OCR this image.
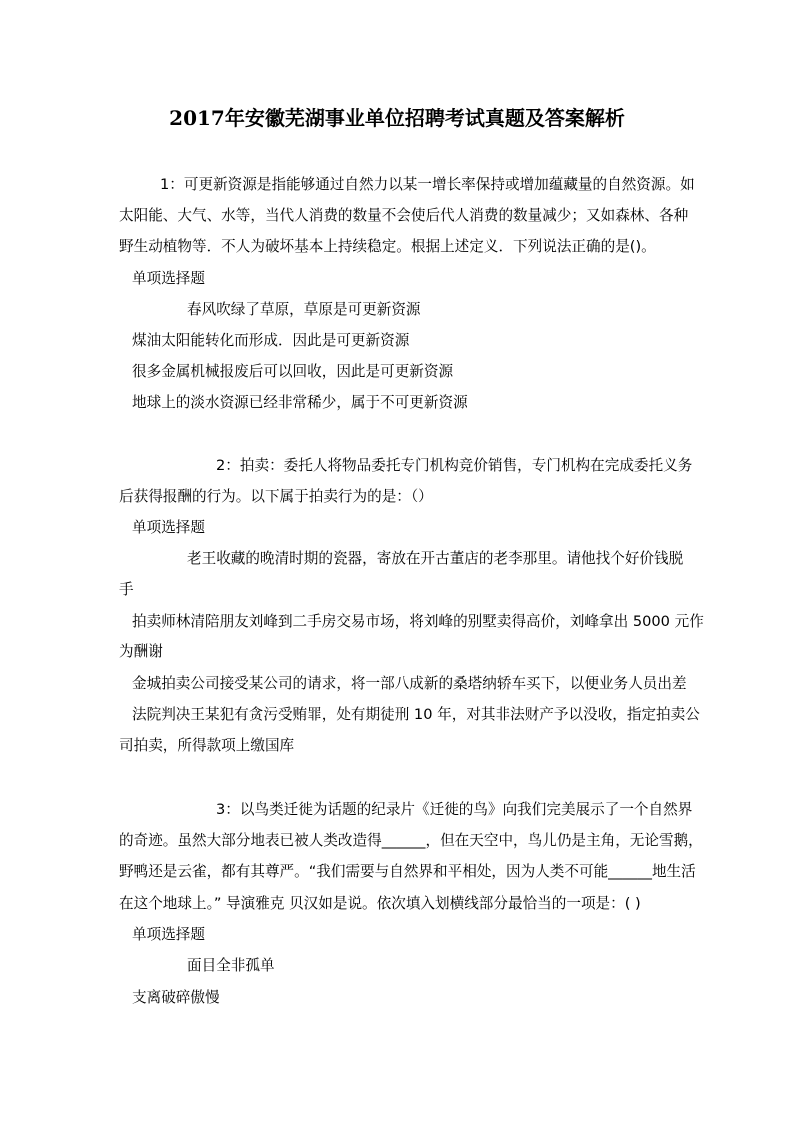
2017年安徽芜湖事业单位招聘考试真题及答案解析
1：可更新资源是指能够通过自然力以某一增长率保持或增加蕴藏量的自然资源。如
太阳能、大气、水等，当代人消费的数量不会使后代人消费的数量减少；又如森林、各种
野生动植物等．不人为破坏基本上持续稳定。根据上述定义．下列说法正确的是()。
单项选择题
春风吹绿了草原，草原是可更新资源
煤油太阳能转化而形成．因此是可更新资源
很多金属机械报废后可以回收，因此是可更新资源
地球上的淡水资源已经非常稀少，属于不可更新资源
2：拍卖：委托人将物品委托专门机构竞价销售，专门机构在完成委托义务
后获得报酬的行为。以下属于拍卖行为的是：（）
单项选择题
老王收藏的晚清时期的瓷器，寄放在开古董店的老李那里。请他找个好价钱脱
手
拍卖师林清陪朋友刘峰到二手房交易市场，将刘峰的别墅卖得高价，刘峰拿出 5000 元作
为酬谢
金城拍卖公司接受某公司的请求，将一部八成新的桑塔纳轿车买下，以便业务人员出差
法院判决王某犯有贪污受贿罪，处有期徒刑 10 年，对其非法财产予以没收，指定拍卖公
司拍卖，所得款项上缴国库
3：以鸟类迁徙为话题的纪录片《迁徙的鸟》向我们完美展示了一个自然界
的奇迹。虽然大部分地表已被人类改造得______，但在天空中，鸟儿仍是主角，无论雪鹅，
野鸭还是云雀，都有其尊严。“我们需要与自然界和平相处，因为人类不可能______地生活
在这个地球上。” 导演雅克 贝汉如是说。依次填入划横线部分最恰当的一项是：( )
单项选择题
面目全非孤单
支离破碎傲慢
